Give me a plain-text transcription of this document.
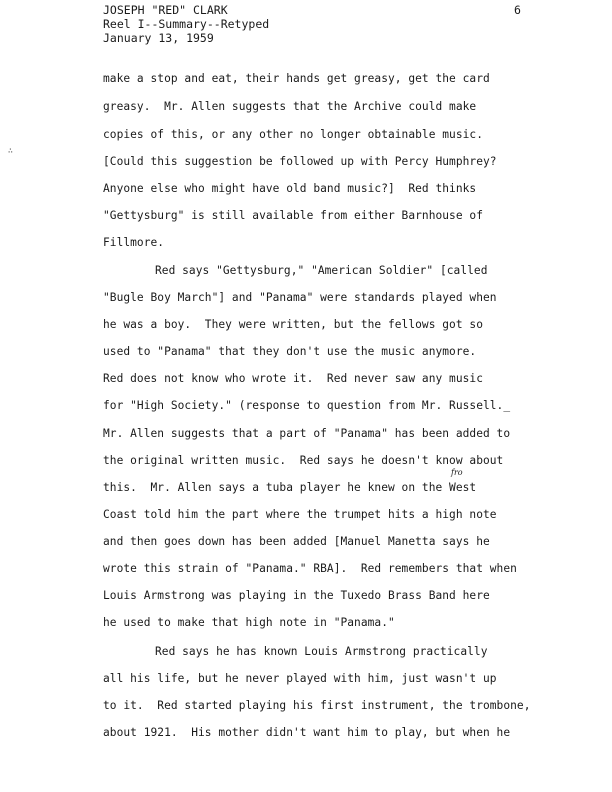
JOSEPH "RED" CLARK
Reel I--Summary--Retyped
January 13, 1959
6
∴
make a stop and eat, their hands get greasy, get the card
greasy.  Mr. Allen suggests that the Archive could make
copies of this, or any other no longer obtainable music.
[Could this suggestion be followed up with Percy Humphrey?
Anyone else who might have old band music?]  Red thinks
"Gettysburg" is still available from either Barnhouse of
Fillmore.
Red says "Gettysburg," "American Soldier" [called
"Bugle Boy March"] and "Panama" were standards played when
he was a boy.  They were written, but the fellows got so
used to "Panama" that they don't use the music anymore.
Red does not know who wrote it.  Red never saw any music
for "High Society." (response to question from Mr. Russell._
Mr. Allen suggests that a part of "Panama" has been added to
the original written music.  Red says he doesn't know about
fro
this.  Mr. Allen says a tuba player he knew on the West
Coast told him the part where the trumpet hits a high note
and then goes down has been added [Manuel Manetta says he
wrote this strain of "Panama." RBA].  Red remembers that when
Louis Armstrong was playing in the Tuxedo Brass Band here
he used to make that high note in "Panama."
Red says he has known Louis Armstrong practically
all his life, but he never played with him, just wasn't up
to it.  Red started playing his first instrument, the trombone,
about 1921.  His mother didn't want him to play, but when he
